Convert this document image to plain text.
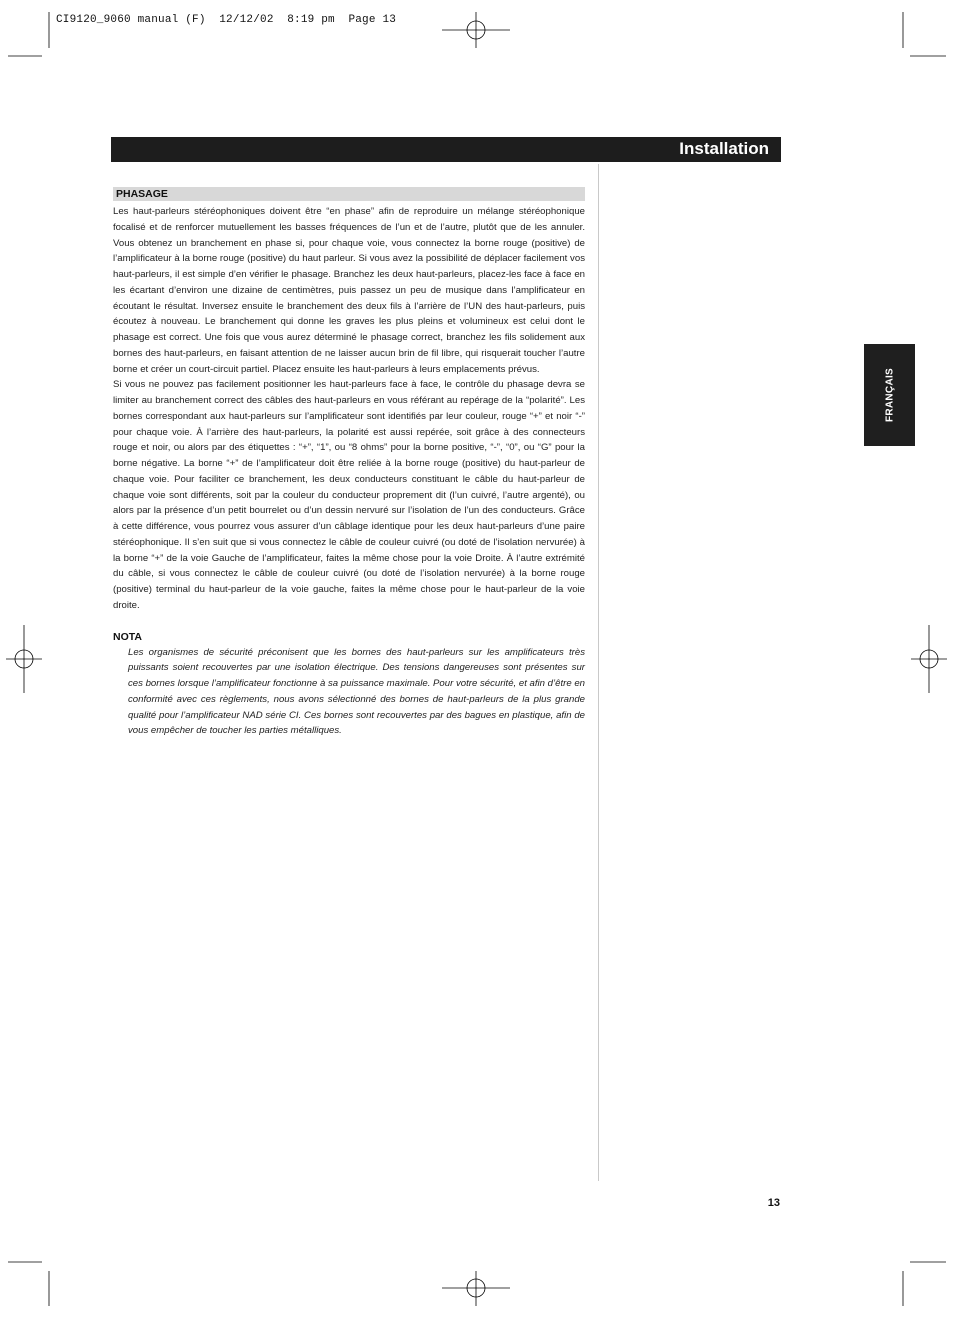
CI9120_9060 manual (F)  12/12/02  8:19 pm  Page 13
Installation
FRANÇAIS
PHASAGE

Les haut-parleurs stéréophoniques doivent être “en phase” afin de reproduire un mélange stéréophonique focalisé et de renforcer mutuellement les basses fréquences de l’un et de l’autre, plutôt que de les annuler. Vous obtenez un branchement en phase si, pour chaque voie, vous connectez la borne rouge (positive) de l’amplificateur à la borne rouge (positive) du haut parleur. Si vous avez la possibilité de déplacer facilement vos haut-parleurs, il est simple d’en vérifier le phasage. Branchez les deux haut-parleurs, placez-les face à face en les écartant d’environ une dizaine de centimètres, puis passez un peu de musique dans l’amplificateur en écoutant le résultat. Inversez ensuite le branchement des deux fils à l’arrière de l’UN des haut-parleurs, puis écoutez à nouveau. Le branchement qui donne les graves les plus pleins et volumineux est celui dont le phasage est correct. Une fois que vous aurez déterminé le phasage correct, branchez les fils solidement aux bornes des haut-parleurs, en faisant attention de ne laisser aucun brin de fil libre, qui risquerait toucher l’autre borne et créer un court-circuit partiel. Placez ensuite les haut-parleurs à leurs emplacements prévus.

Si vous ne pouvez pas facilement positionner les haut-parleurs face à face, le contrôle du phasage devra se limiter au branchement correct des câbles des haut-parleurs en vous référant au repérage de la “polarité”. Les bornes correspondant aux haut-parleurs sur l’amplificateur sont identifiés par leur couleur, rouge “+” et noir “-” pour chaque voie. À l’arrière des haut-parleurs, la polarité est aussi repérée, soit grâce à des connecteurs rouge et noir, ou alors par des étiquettes : “+”, “1”, ou “8 ohms” pour la borne positive, “-”, “0”, ou “G” pour la borne négative. La borne “+” de l’amplificateur doit être reliée à la borne rouge (positive) du haut-parleur de chaque voie. Pour faciliter ce branchement, les deux conducteurs constituant le câble du haut-parleur de chaque voie sont différents, soit par la couleur du conducteur proprement dit (l’un cuivré, l’autre argenté), ou alors par la présence d’un petit bourrelet ou d’un dessin nervuré sur l’isolation de l’un des conducteurs. Grâce à cette différence, vous pourrez vous assurer d’un câblage identique pour les deux haut-parleurs d’une paire stéréophonique. Il s’en suit que si vous connectez le câble de couleur cuivré (ou doté de l’isolation nervurée) à la borne “+” de la voie Gauche de l’amplificateur, faites la même chose pour la voie Droite. À l’autre extrémité du câble, si vous connectez le câble de couleur cuivré (ou doté de l’isolation nervurée) à la borne rouge (positive) terminal du haut-parleur de la voie gauche, faites la même chose pour le haut-parleur de la voie droite.

NOTA

Les organismes de sécurité préconisent que les bornes des haut-parleurs sur les amplificateurs très puissants soient recouvertes par une isolation électrique. Des tensions dangereuses sont présentes sur ces bornes lorsque l’amplificateur fonctionne à sa puissance maximale. Pour votre sécurité, et afin d’être en conformité avec ces règlements, nous avons sélectionné des bornes de haut-parleurs de la plus grande qualité pour l’amplificateur NAD série CI. Ces bornes sont recouvertes par des bagues en plastique, afin de vous empêcher de toucher les parties métalliques.

13
